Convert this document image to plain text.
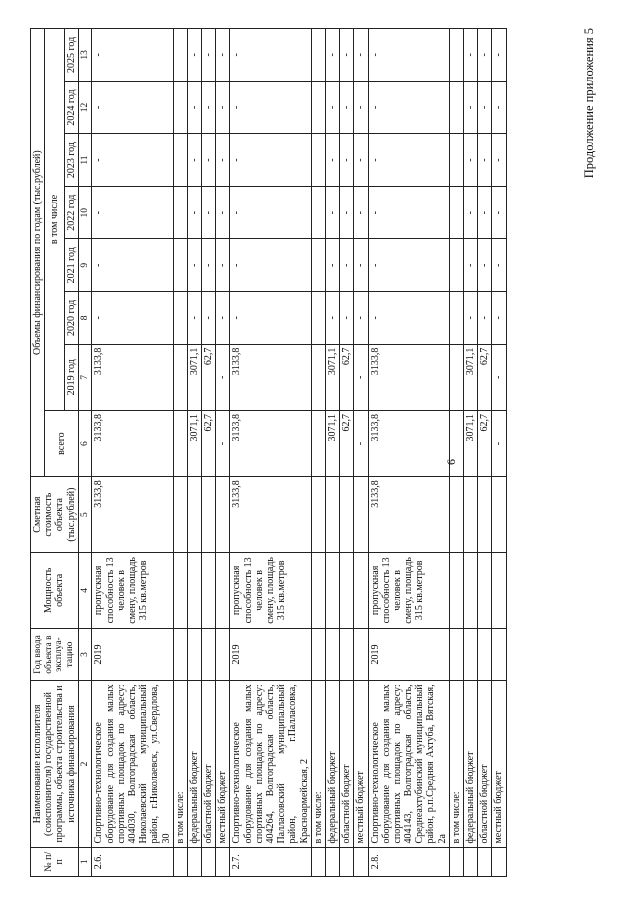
6
Продолжение приложения 5
№ п/п	Наименование исполнителя (соисполнителя) государственной программы, объекта строительства и источника финансирования	Год ввода объекта в эксплуа-тацию	Мощность объекта	Сметная стоимость объекта (тыс.рублей)	Объемы финансирования по годам (тыс.рублей)							
					всего	в том числе						
						2019 год	2020 год	2021 год	2022 год	2023 год	2024 год	2025 год
1	2	3	4	5	6	7	8	9	10	11	12	13
2.6.	Спортивно-технологическое оборудование для создания малых спортивных площадок по адресу: 404030, Волгоградская область, Николаевский муниципальный район, г.Николаевск, ул.Свердлова, 30	2019	пропускная способность 13 человек в смену, площадь 315 кв.метров	3133,8	3133,8	3133,8	-	-	-	-	-	-
	в том числе:											
	федеральный бюджет				3071,1	3071,1	-	-	-	-	-	-
	областной бюджет				62,7	62,7	-	-	-	-	-	-
	местный бюджет				-	-	-	-	-	-	-	-
2.7.	Спортивно-технологическое оборудование для создания малых спортивных площадок по адресу: 404264, Волгоградская область, Палласовский муниципальный район, г.Палласовка, Красноармейская, 2	2019	пропускная способность 13 человек в смену, площадь 315 кв.метров	3133,8	3133,8	3133,8	-	-	-	-	-	-
	в том числе:											
	федеральный бюджет				3071,1	3071,1	-	-	-	-	-	-
	областной бюджет				62,7	62,7	-	-	-	-	-	-
	местный бюджет				-	-	-	-	-	-	-	-
2.8.	Спортивно-технологическое оборудование для создания малых спортивных площадок по адресу: 404143, Волгоградская область, Среднеахтубинский муниципальный район, р.п.Средняя Ахтуба, Вятская, 2а	2019	пропускная способность 13 человек в смену, площадь 315 кв.метров	3133,8	3133,8	3133,8	-	-	-	-	-	-
	в том числе:											
	федеральный бюджет				3071,1	3071,1	-	-	-	-	-	-
	областной бюджет				62,7	62,7	-	-	-	-	-	-
	местный бюджет				-	-	-	-	-	-	-	-
